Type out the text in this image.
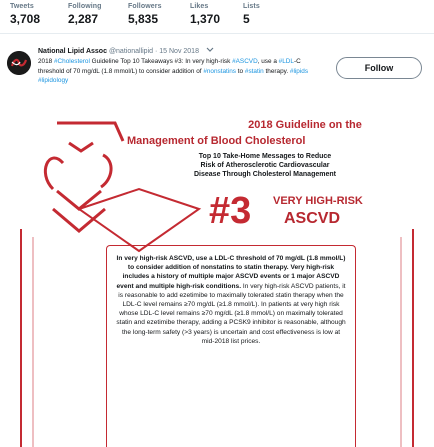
Tweets
3,708
Following
2,287
Followers
5,835
Likes
1,370
Lists
5
Follow
National Lipid Assoc @nationallipid · 15 Nov 2018
2018 #Cholesterol Guideline Top 10 Takeaways #3: In very high-risk #ASCVD, use a #LDL-C threshold of 70 mg/dL (1.8 mmol/L) to consider addition of #nonstatins to #statin therapy. #lipids #lipidology
2018 Guideline on the
Management of Blood Cholesterol
Top 10 Take-Home Messages to Reduce
Risk of Atherosclerotic Cardiovascular
Disease Through Cholesterol Management
#3 VERY HIGH-RISK
ASCVD
In very high-risk ASCVD, use a LDL-C threshold of 70 mg/dL (1.8 mmol/L) to consider addition of nonstatins to statin therapy. Very high-risk includes a history of multiple major ASCVD events or 1 major ASCVD event and multiple high-risk conditions. In very high-risk ASCVD patients, it is reasonable to add ezetimibe to maximally tolerated statin therapy when the LDL-C level remains ≥70 mg/dL (≥1.8 mmol/L). In patients at very high risk whose LDL-C level remains ≥70 mg/dL (≥1.8 mmol/L) on maximally tolerated statin and ezetimibe therapy, adding a PCSK9 inhibitor is reasonable, although the long-term safety (>3 years) is uncertain and cost effectiveness is low at mid-2018 list prices.
